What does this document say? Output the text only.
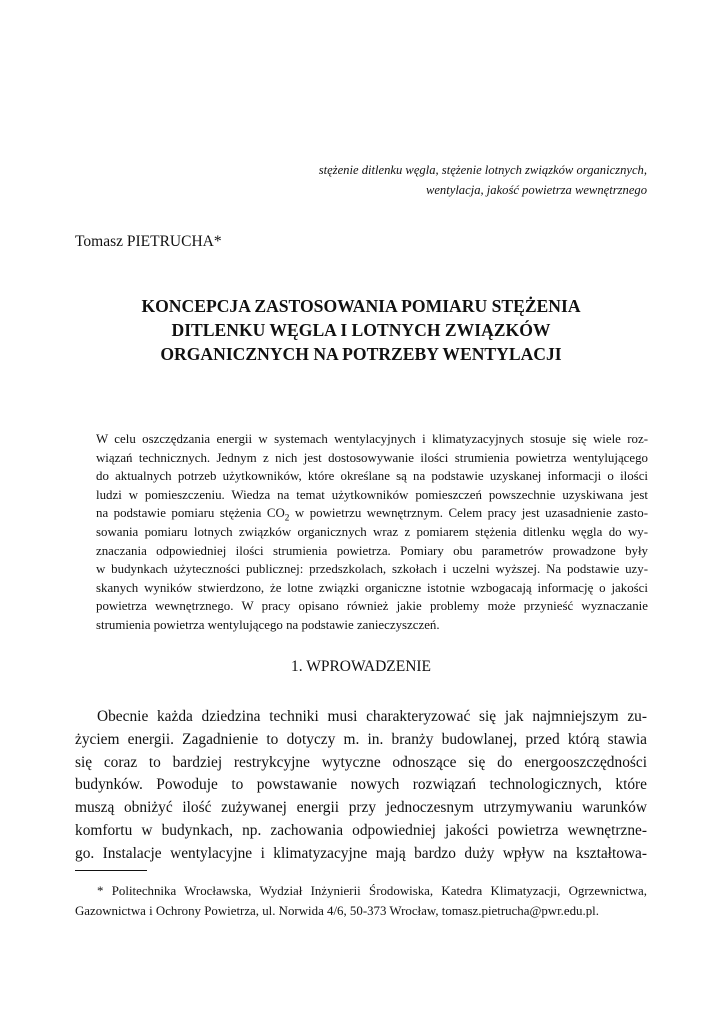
stężenie ditlenku węgla, stężenie lotnych związków organicznych,
wentylacja, jakość powietrza wewnętrznego
Tomasz PIETRUCHA*
KONCEPCJA ZASTOSOWANIA POMIARU STĘŻENIA
DITLENKU WĘGLA I LOTNYCH ZWIĄZKÓW
ORGANICZNYCH NA POTRZEBY WENTYLACJI
W celu oszczędzania energii w systemach wentylacyjnych i klimatyzacyjnych stosuje się wiele roz-
wiązań technicznych. Jednym z nich jest dostosowywanie ilości strumienia powietrza wentylującego
do aktualnych potrzeb użytkowników, które określane są na podstawie uzyskanej informacji o ilości
ludzi w pomieszczeniu. Wiedza na temat użytkowników pomieszczeń powszechnie uzyskiwana jest
na podstawie pomiaru stężenia $CO_2$ w powietrzu wewnętrznym. Celem pracy jest uzasadnienie zasto-
sowania pomiaru lotnych związków organicznych wraz z pomiarem stężenia ditlenku węgla do wy-
znaczania odpowiedniej ilości strumienia powietrza. Pomiary obu parametrów prowadzone były
w budynkach użyteczności publicznej: przedszkolach, szkołach i uczelni wyższej. Na podstawie uzy-
skanych wyników stwierdzono, że lotne związki organiczne istotnie wzbogacają informację o jakości
powietrza wewnętrznego. W pracy opisano również jakie problemy może przynieść wyznaczanie
strumienia powietrza wentylującego na podstawie zanieczyszczeń.
1. WPROWADZENIE
Obecnie każda dziedzina techniki musi charakteryzować się jak najmniejszym zu-
życiem energii. Zagadnienie to dotyczy m. in. branży budowlanej, przed którą stawia
się coraz to bardziej restrykcyjne wytyczne odnoszące się do energooszczędności
budynków. Powoduje to powstawanie nowych rozwiązań technologicznych, które
muszą obniżyć ilość zużywanej energii przy jednoczesnym utrzymywaniu warunków
komfortu w budynkach, np. zachowania odpowiedniej jakości powietrza wewnętrzne-
go. Instalacje wentylacyjne i klimatyzacyjne mają bardzo duży wpływ na kształtowa-
* Politechnika Wrocławska, Wydział Inżynierii Środowiska, Katedra Klimatyzacji, Ogrzewnictwa,
Gazownictwa i Ochrony Powietrza, ul. Norwida 4/6, 50-373 Wrocław, tomasz.pietrucha@pwr.edu.pl.
